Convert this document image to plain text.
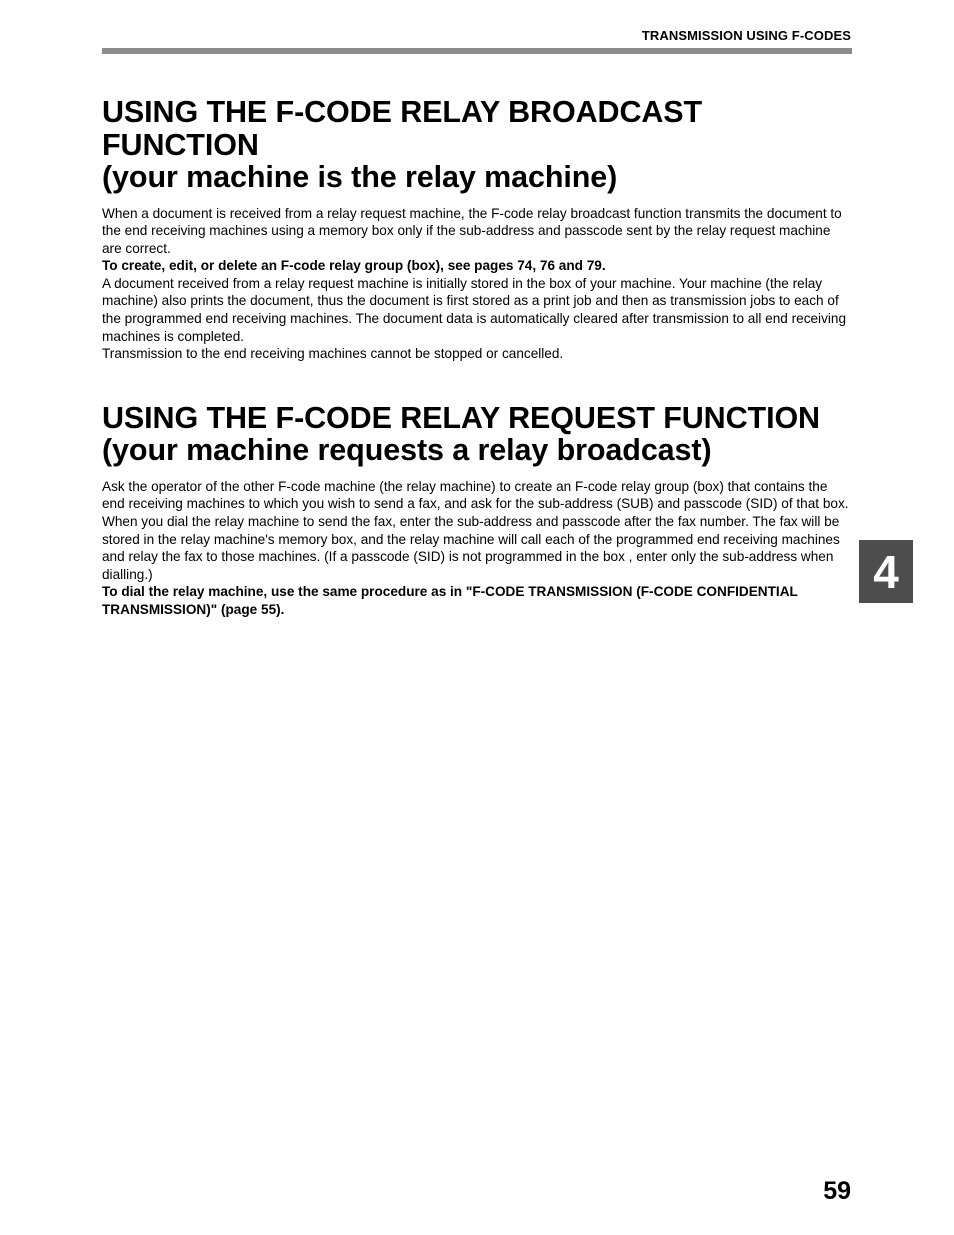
TRANSMISSION USING F-CODES
USING THE F-CODE RELAY BROADCAST FUNCTION
(your machine is the relay machine)

When a document is received from a relay request machine, the F-code relay broadcast function transmits the document to the end receiving machines using a memory box only if the sub-address and passcode sent by the relay request machine are correct.

To create, edit, or delete an F-code relay group (box), see pages 74, 76 and 79.

A document received from a relay request machine is initially stored in the box of your machine. Your machine (the relay machine) also prints the document, thus the document is first stored as a print job and then as transmission jobs to each of the programmed end receiving machines. The document data is automatically cleared after transmission to all end receiving machines is completed.

Transmission to the end receiving machines cannot be stopped or cancelled.

USING THE F-CODE RELAY REQUEST FUNCTION
(your machine requests a relay broadcast)

Ask the operator of the other F-code machine (the relay machine) to create an F-code relay group (box) that contains the end receiving machines to which you wish to send a fax, and ask for the sub-address (SUB) and passcode (SID) of that box.

When you dial the relay machine to send the fax, enter the sub-address and passcode after the fax number. The fax will be stored in the relay machine's memory box, and the relay machine will call each of the programmed end receiving machines and relay the fax to those machines. (If a passcode (SID) is not programmed in the box , enter only the sub-address when dialling.)

To dial the relay machine, use the same procedure as in "F-CODE TRANSMISSION (F-CODE CONFIDENTIAL TRANSMISSION)" (page 55).

4
59
